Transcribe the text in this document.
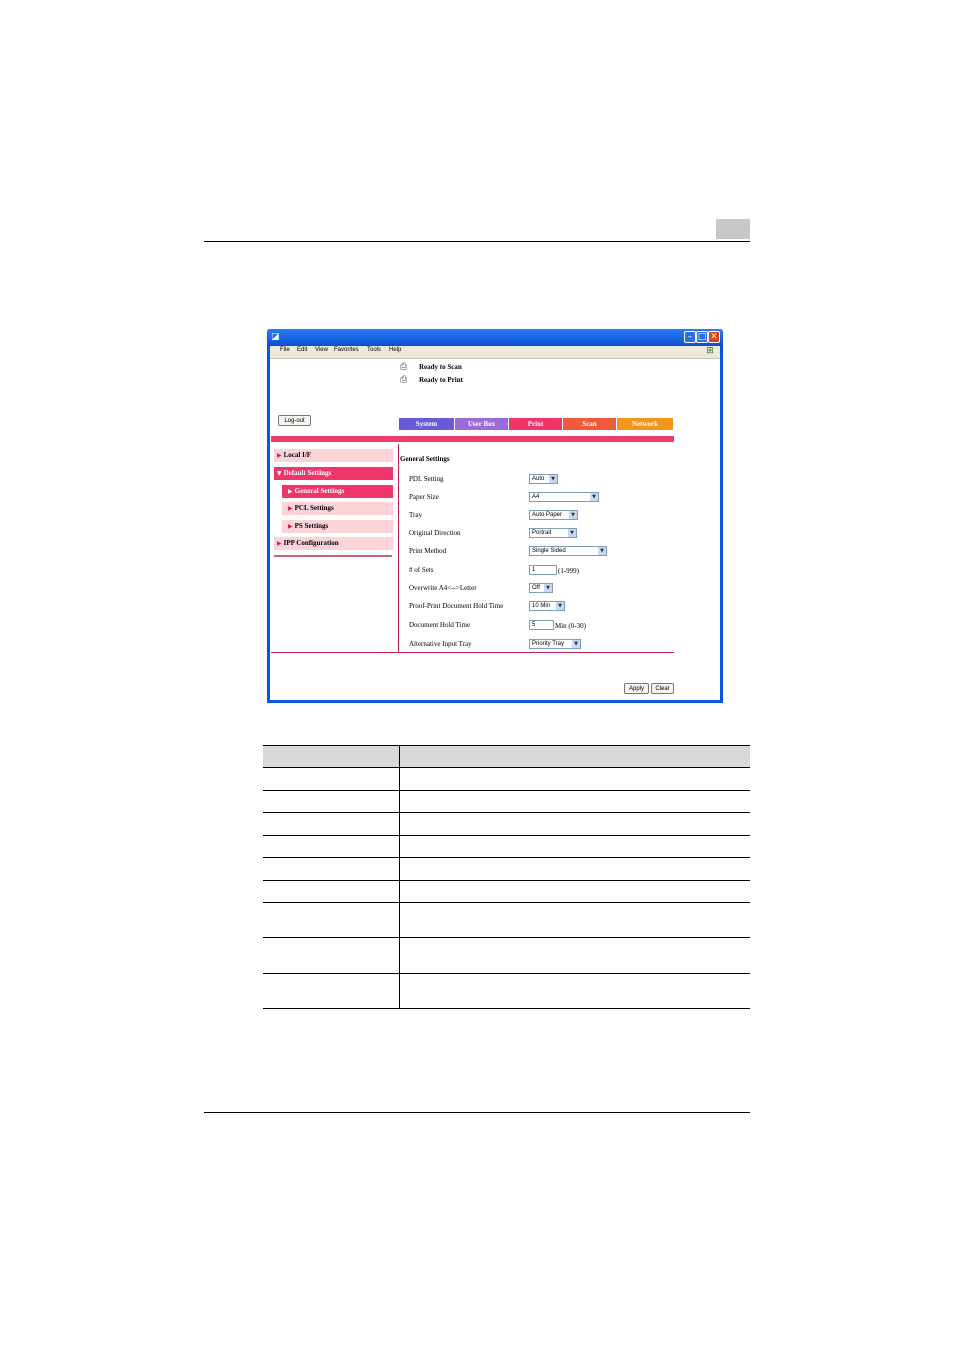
◪	– □ ✕
File Edit View Favorites Tools Help	⊞
⎙	Ready to Scan
⎙	Ready to Print
Log-out	System	User Box	Print	Scan	Network
▶ Local I/F
▼ Default Settings
▶ General Settings
▶ PCL Settings
▶ PS Settings
▶ IPP Configuration
General Settings
PDL Setting	Auto	▼
Paper Size	A4	▼
Tray	Auto Paper	▼
Original Direction	Portrait	▼
Print Method	Single Sided	▼
# of Sets	1	(1-999)
Overwrite A4<-->Letter	Off	▼
Proof-Print Document Hold Time	10 Min	▼
Document Hold Time	5	Min (0-30)
Alternative Input Tray	Priority Tray	▼
Apply	Clear
